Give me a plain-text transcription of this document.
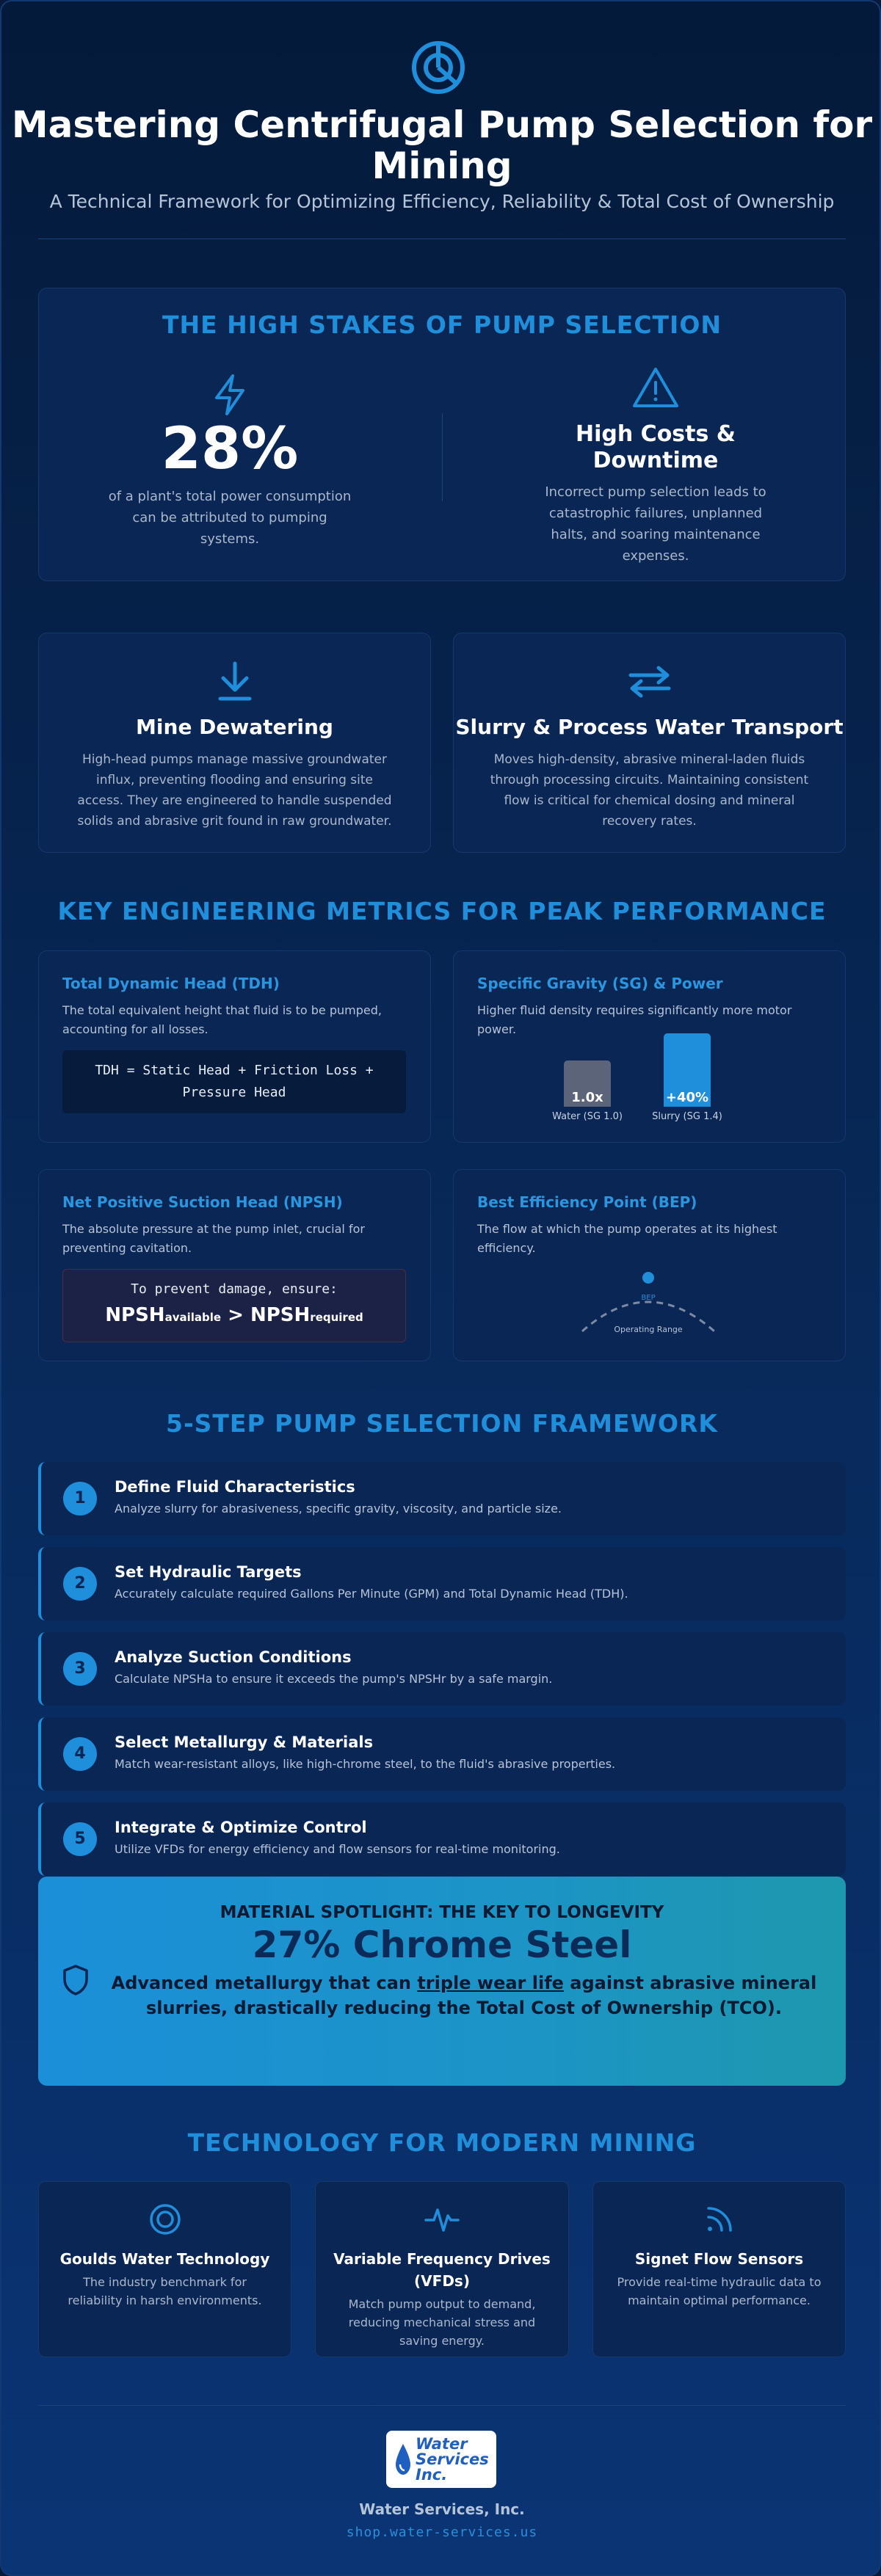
Mastering Centrifugal Pump Selection for
Mining
A Technical Framework for Optimizing Efficiency, Reliability & Total Cost of Ownership
THE HIGH STAKES OF PUMP SELECTION
28%
of a plant's total power consumption
can be attributed to pumping
systems.
High Costs &
Downtime
Incorrect pump selection leads to
catastrophic failures, unplanned
halts, and soaring maintenance
expenses.
Mine Dewatering
High-head pumps manage massive groundwater
influx, preventing flooding and ensuring site
access. They are engineered to handle suspended
solids and abrasive grit found in raw groundwater.
Slurry & Process Water Transport
Moves high-density, abrasive mineral-laden fluids
through processing circuits. Maintaining consistent
flow is critical for chemical dosing and mineral
recovery rates.
KEY ENGINEERING METRICS FOR PEAK PERFORMANCE
Total Dynamic Head (TDH)
The total equivalent height that fluid is to be pumped,
accounting for all losses.
TDH = Static Head + Friction Loss +
Pressure Head
Specific Gravity (SG) & Power
Higher fluid density requires significantly more motor
power.
1.0x
Water (SG 1.0)
+40%
Slurry (SG 1.4)
Net Positive Suction Head (NPSH)
The absolute pressure at the pump inlet, crucial for
preventing cavitation.
To prevent damage, ensure:
NPSHavailable > NPSHrequired
Best Efficiency Point (BEP)
The flow at which the pump operates at its highest
efficiency.
BEP
Operating Range
5-STEP PUMP SELECTION FRAMEWORK
1
Define Fluid Characteristics
Analyze slurry for abrasiveness, specific gravity, viscosity, and particle size.
2
Set Hydraulic Targets
Accurately calculate required Gallons Per Minute (GPM) and Total Dynamic Head (TDH).
3
Analyze Suction Conditions
Calculate NPSHa to ensure it exceeds the pump's NPSHr by a safe margin.
4
Select Metallurgy & Materials
Match wear-resistant alloys, like high-chrome steel, to the fluid's abrasive properties.
5
Integrate & Optimize Control
Utilize VFDs for energy efficiency and flow sensors for real-time monitoring.
MATERIAL SPOTLIGHT: THE KEY TO LONGEVITY
27% Chrome Steel
Advanced metallurgy that can triple wear life against abrasive mineral
slurries, drastically reducing the Total Cost of Ownership (TCO).
TECHNOLOGY FOR MODERN MINING
Goulds Water Technology
The industry benchmark for
reliability in harsh environments.
Variable Frequency Drives
(VFDs)
Match pump output to demand,
reducing mechanical stress and
saving energy.
Signet Flow Sensors
Provide real-time hydraulic data to
maintain optimal performance.
Water
Services
Inc.
Water Services, Inc.
shop.water-services.us
